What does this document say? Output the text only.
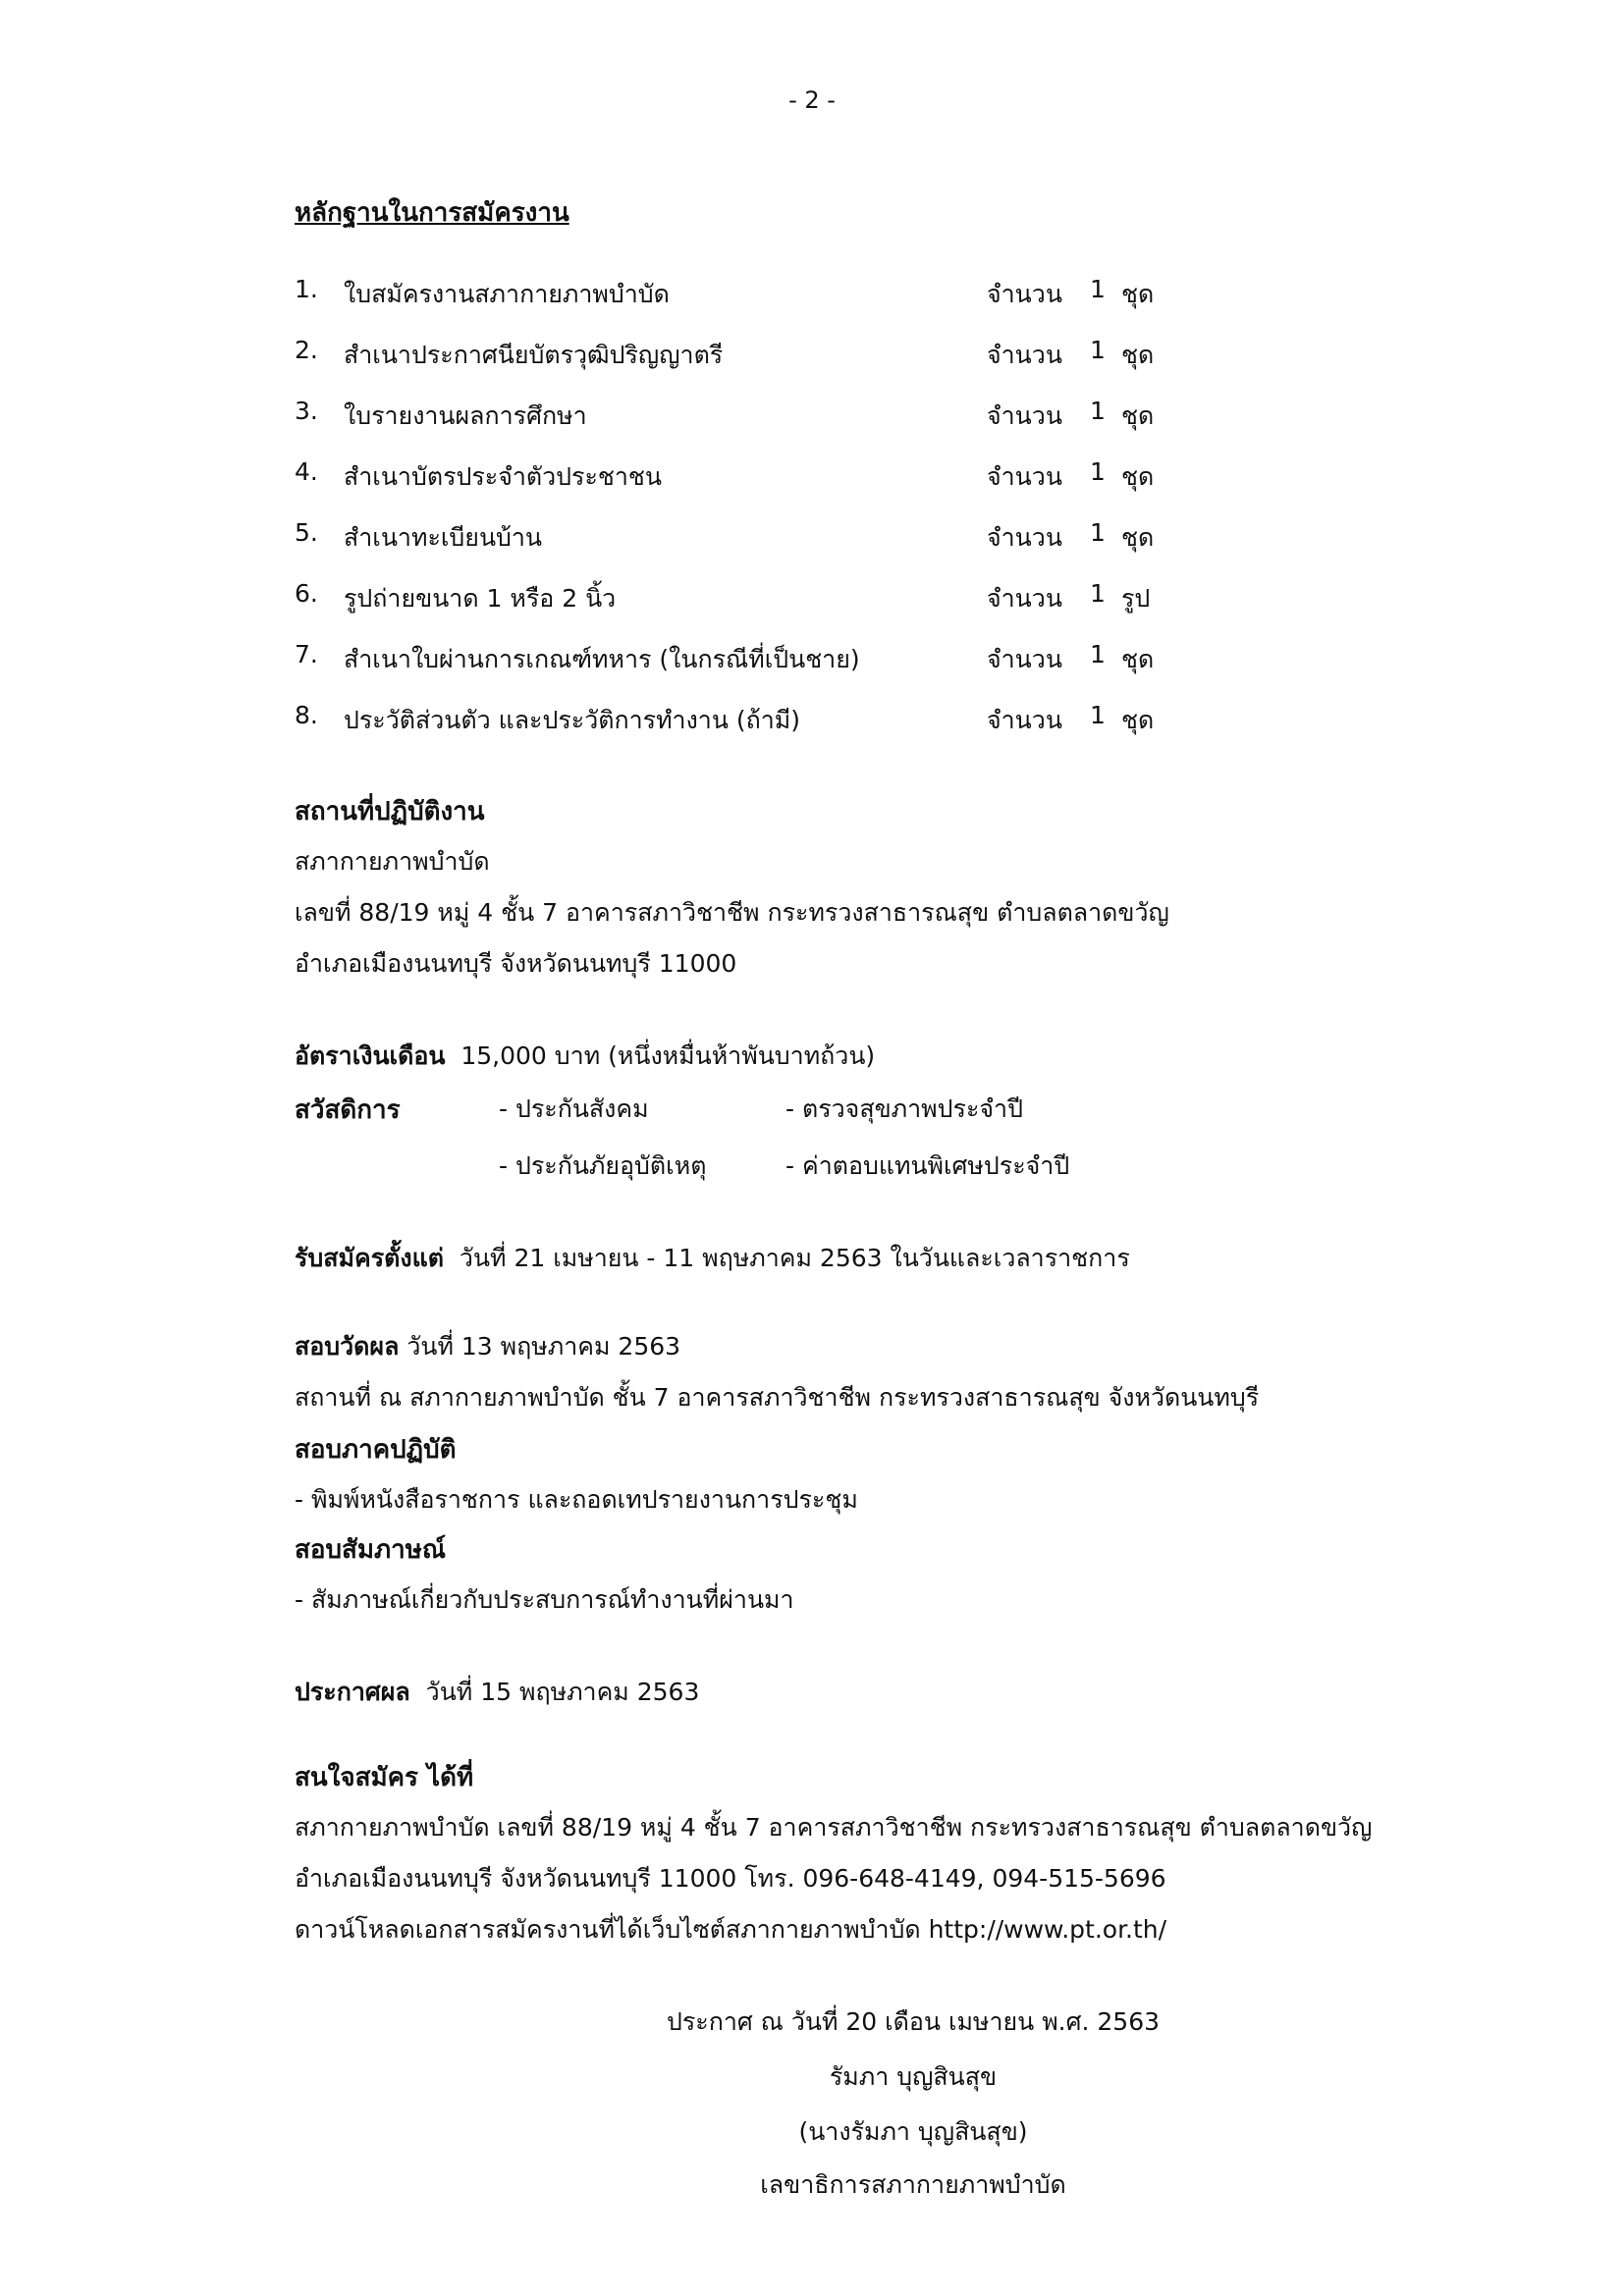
- 2 -
หลักฐานในการสมัครงาน
1. ใบสมัครงานสภากายภาพบำบัด	จำนวน 1 ชุด
2. สำเนาประกาศนียบัตรวุฒิปริญญาตรี	จำนวน 1 ชุด
3. ใบรายงานผลการศึกษา	จำนวน 1 ชุด
4. สำเนาบัตรประจำตัวประชาชน	จำนวน 1 ชุด
5. สำเนาทะเบียนบ้าน	จำนวน 1 ชุด
6. รูปถ่ายขนาด 1 หรือ 2 นิ้ว	จำนวน 1 รูป
7. สำเนาใบผ่านการเกณฑ์ทหาร (ในกรณีที่เป็นชาย)	จำนวน 1 ชุด
8. ประวัติส่วนตัว และประวัติการทำงาน (ถ้ามี)	จำนวน 1 ชุด
สถานที่ปฏิบัติงาน
สภากายภาพบำบัด
เลขที่ 88/19 หมู่ 4 ชั้น 7 อาคารสภาวิชาชีพ กระทรวงสาธารณสุข ตำบลตลาดขวัญ
อำเภอเมืองนนทบุรี จังหวัดนนทบุรี 11000
อัตราเงินเดือน 15,000 บาท (หนึ่งหมื่นห้าพันบาทถ้วน)
สวัสดิการ	- ประกันสังคม	- ตรวจสุขภาพประจำปี
- ประกันภัยอุบัติเหตุ	- ค่าตอบแทนพิเศษประจำปี
รับสมัครตั้งแต่ วันที่ 21 เมษายน - 11 พฤษภาคม 2563 ในวันและเวลาราชการ
สอบวัดผล วันที่ 13 พฤษภาคม 2563
สถานที่ ณ สภากายภาพบำบัด ชั้น 7 อาคารสภาวิชาชีพ กระทรวงสาธารณสุข จังหวัดนนทบุรี
สอบภาคปฏิบัติ
- พิมพ์หนังสือราชการ และถอดเทปรายงานการประชุม
สอบสัมภาษณ์
- สัมภาษณ์เกี่ยวกับประสบการณ์ทำงานที่ผ่านมา
ประกาศผล วันที่ 15 พฤษภาคม 2563
สนใจสมัคร ได้ที่
สภากายภาพบำบัด เลขที่ 88/19 หมู่ 4 ชั้น 7 อาคารสภาวิชาชีพ กระทรวงสาธารณสุข ตำบลตลาดขวัญ
อำเภอเมืองนนทบุรี จังหวัดนนทบุรี 11000 โทร. 096-648-4149, 094-515-5696
ดาวน์โหลดเอกสารสมัครงานที่ได้เว็บไซต์สภากายภาพบำบัด http://www.pt.or.th/
ประกาศ ณ วันที่ 20 เดือน เมษายน พ.ศ. 2563
รัมภา บุญสินสุข
(นางรัมภา บุญสินสุข)
เลขาธิการสภากายภาพบำบัด
